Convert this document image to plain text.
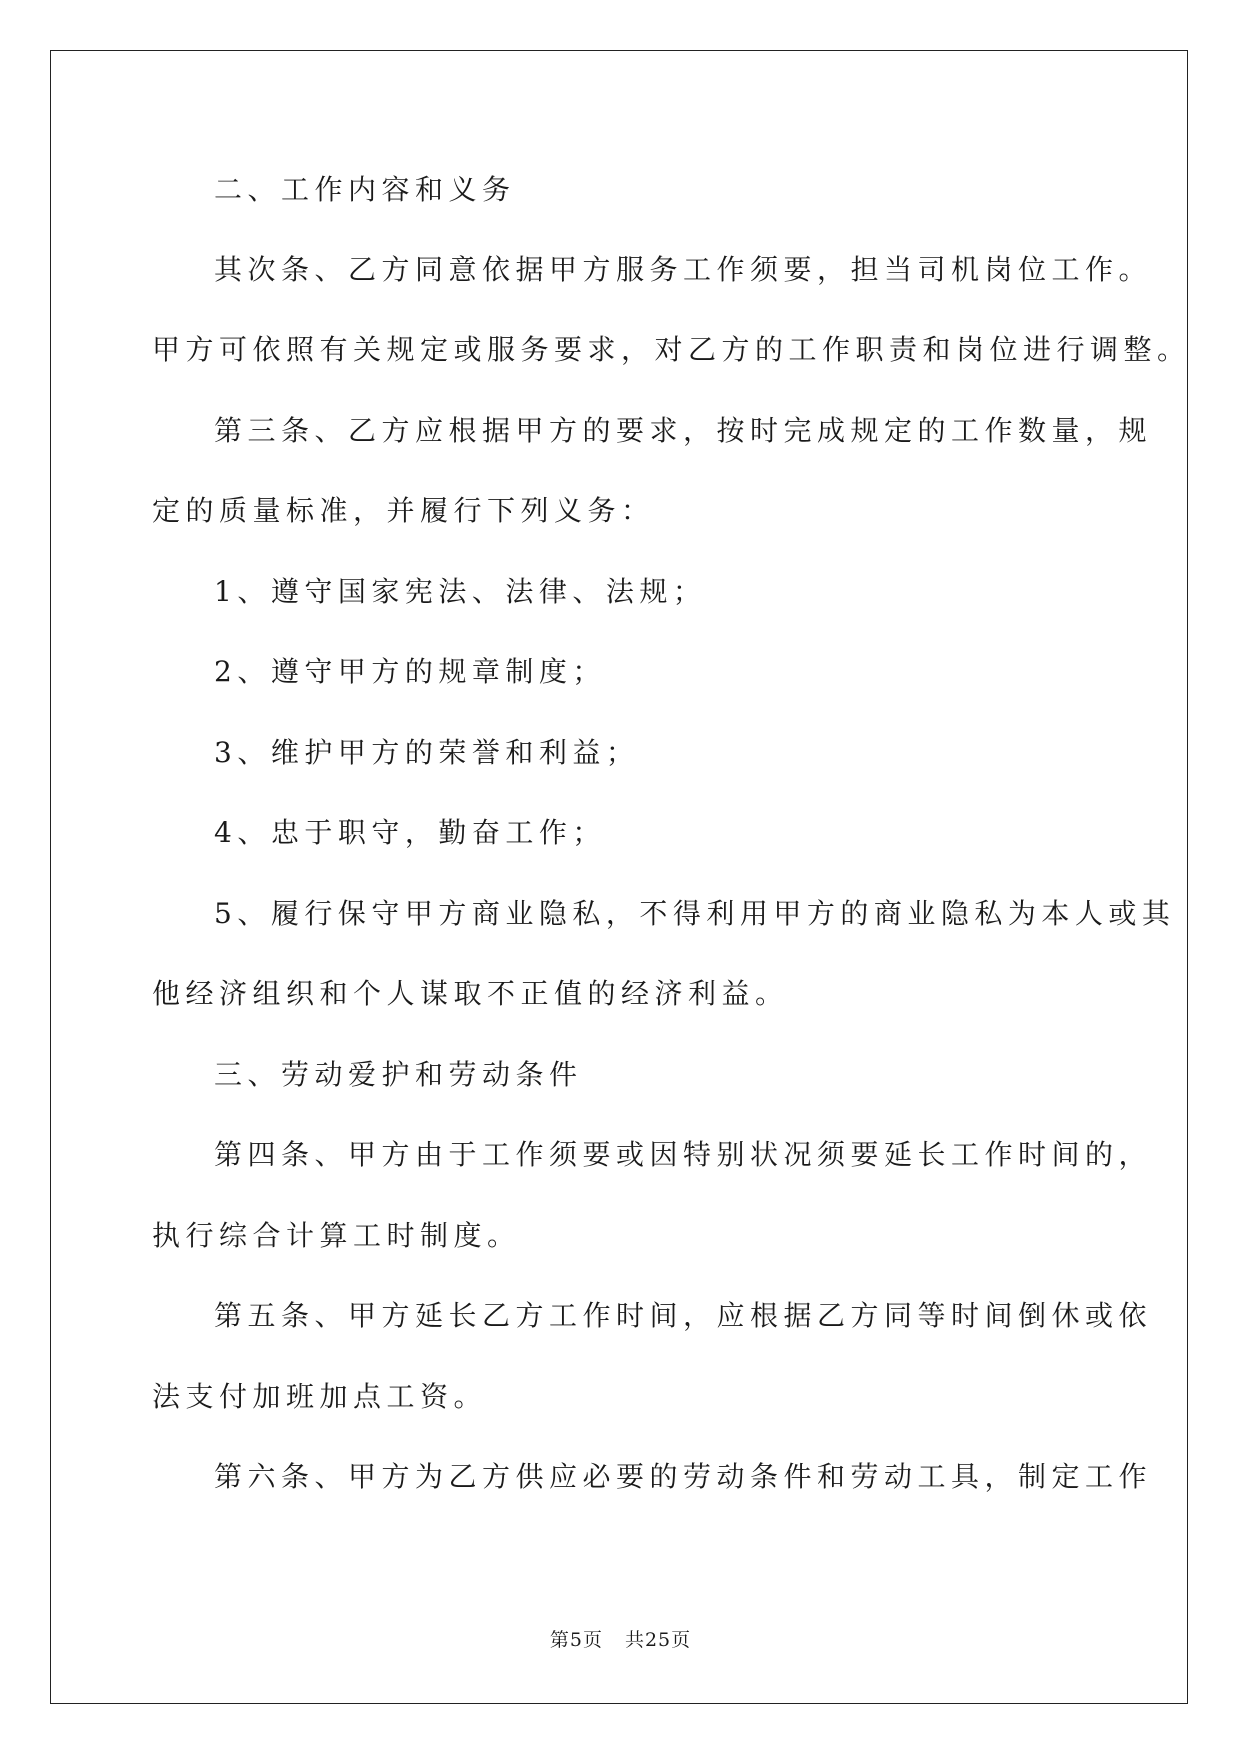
二、工作内容和义务
其次条、乙方同意依据甲方服务工作须要，担当司机岗位工作。
甲方可依照有关规定或服务要求，对乙方的工作职责和岗位进行调整。
第三条、乙方应根据甲方的要求，按时完成规定的工作数量，规
定的质量标准，并履行下列义务：
1、遵守国家宪法、法律、法规；
2、遵守甲方的规章制度；
3、维护甲方的荣誉和利益；
4、忠于职守，勤奋工作；
5、履行保守甲方商业隐私，不得利用甲方的商业隐私为本人或其
他经济组织和个人谋取不正值的经济利益。
三、劳动爱护和劳动条件
第四条、甲方由于工作须要或因特别状况须要延长工作时间的，
执行综合计算工时制度。
第五条、甲方延长乙方工作时间，应根据乙方同等时间倒休或依
法支付加班加点工资。
第六条、甲方为乙方供应必要的劳动条件和劳动工具，制定工作
第5页 共25页
